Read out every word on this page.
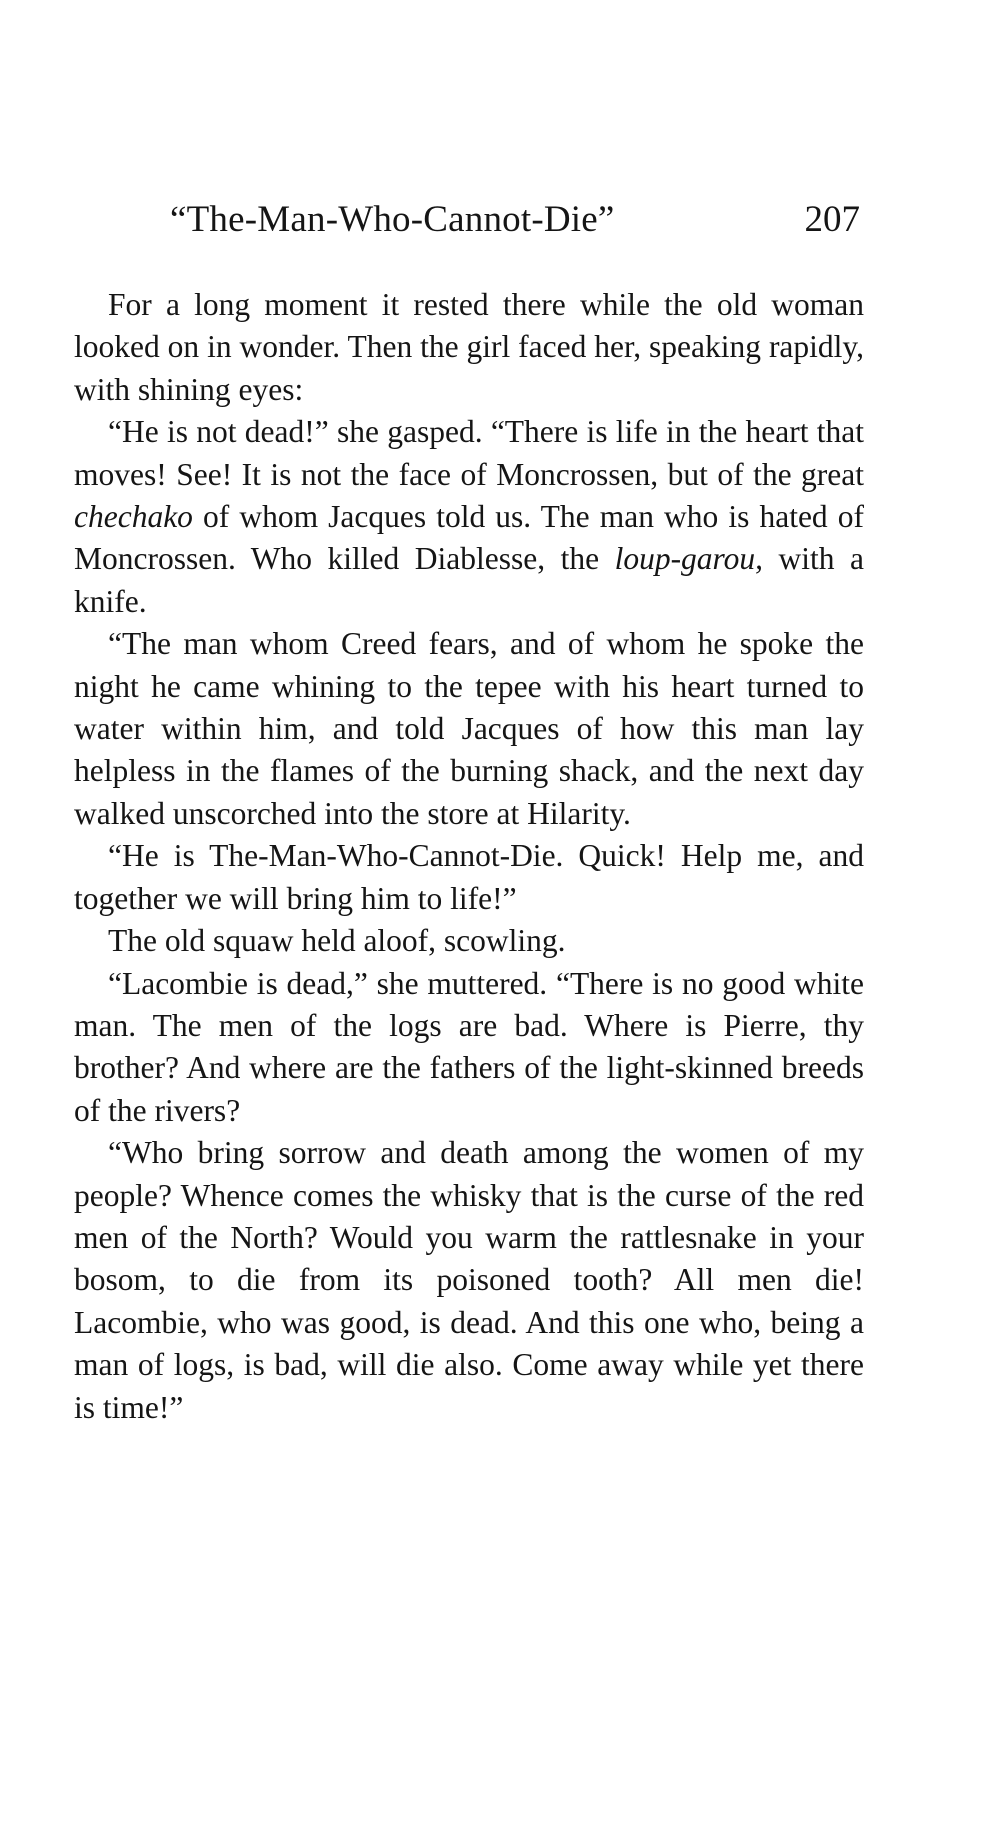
“The-Man-Who-Cannot-Die”	207

For a long moment it rested there while the old woman looked on in wonder. Then the girl faced her, speaking rapidly, with shining eyes:

“He is not dead!” she gasped. “There is life in the heart that moves! See! It is not the face of Moncrossen, but of the great chechako of whom Jacques told us. The man who is hated of Moncrossen. Who killed Diablesse, the loup-garou, with a knife.

“The man whom Creed fears, and of whom he spoke the night he came whining to the tepee with his heart turned to water within him, and told Jacques of how this man lay helpless in the flames of the burning shack, and the next day walked unscorched into the store at Hilarity.

“He is The-Man-Who-Cannot-Die. Quick! Help me, and together we will bring him to life!”

The old squaw held aloof, scowling.

“Lacombie is dead,” she muttered. “There is no good white man. The men of the logs are bad. Where is Pierre, thy brother? And where are the fathers of the light-skinned breeds of the rivers?

“Who bring sorrow and death among the women of my people? Whence comes the whisky that is the curse of the red men of the North? Would you warm the rattlesnake in your bosom, to die from its poisoned tooth? All men die! Lacombie, who was good, is dead. And this one who, being a man of logs, is bad, will die also. Come away while yet there is time!”
